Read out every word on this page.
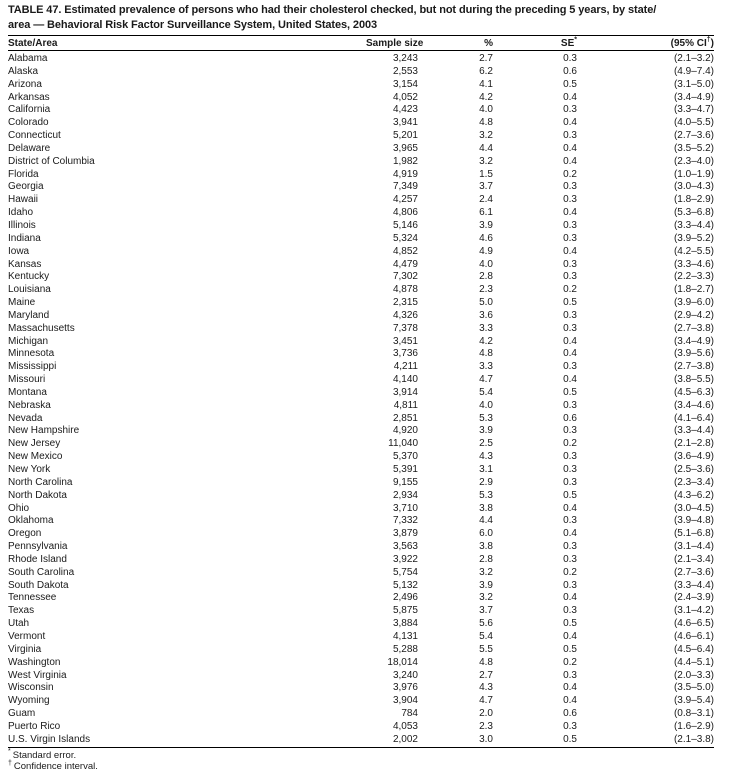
TABLE 47. Estimated prevalence of persons who had their cholesterol checked, but not during the preceding 5 years, by state/
area — Behavioral Risk Factor Surveillance System, United States, 2003
State/Area	Sample size	%	SE*	(95% CI†)
Alabama	3,243	2.7	0.3	(2.1–3.2)
Alaska	2,553	6.2	0.6	(4.9–7.4)
Arizona	3,154	4.1	0.5	(3.1–5.0)
Arkansas	4,052	4.2	0.4	(3.4–4.9)
California	4,423	4.0	0.3	(3.3–4.7)
Colorado	3,941	4.8	0.4	(4.0–5.5)
Connecticut	5,201	3.2	0.3	(2.7–3.6)
Delaware	3,965	4.4	0.4	(3.5–5.2)
District of Columbia	1,982	3.2	0.4	(2.3–4.0)
Florida	4,919	1.5	0.2	(1.0–1.9)
Georgia	7,349	3.7	0.3	(3.0–4.3)
Hawaii	4,257	2.4	0.3	(1.8–2.9)
Idaho	4,806	6.1	0.4	(5.3–6.8)
Illinois	5,146	3.9	0.3	(3.3–4.4)
Indiana	5,324	4.6	0.3	(3.9–5.2)
Iowa	4,852	4.9	0.4	(4.2–5.5)
Kansas	4,479	4.0	0.3	(3.3–4.6)
Kentucky	7,302	2.8	0.3	(2.2–3.3)
Louisiana	4,878	2.3	0.2	(1.8–2.7)
Maine	2,315	5.0	0.5	(3.9–6.0)
Maryland	4,326	3.6	0.3	(2.9–4.2)
Massachusetts	7,378	3.3	0.3	(2.7–3.8)
Michigan	3,451	4.2	0.4	(3.4–4.9)
Minnesota	3,736	4.8	0.4	(3.9–5.6)
Mississippi	4,211	3.3	0.3	(2.7–3.8)
Missouri	4,140	4.7	0.4	(3.8–5.5)
Montana	3,914	5.4	0.5	(4.5–6.3)
Nebraska	4,811	4.0	0.3	(3.4–4.6)
Nevada	2,851	5.3	0.6	(4.1–6.4)
New Hampshire	4,920	3.9	0.3	(3.3–4.4)
New Jersey	11,040	2.5	0.2	(2.1–2.8)
New Mexico	5,370	4.3	0.3	(3.6–4.9)
New York	5,391	3.1	0.3	(2.5–3.6)
North Carolina	9,155	2.9	0.3	(2.3–3.4)
North Dakota	2,934	5.3	0.5	(4.3–6.2)
Ohio	3,710	3.8	0.4	(3.0–4.5)
Oklahoma	7,332	4.4	0.3	(3.9–4.8)
Oregon	3,879	6.0	0.4	(5.1–6.8)
Pennsylvania	3,563	3.8	0.3	(3.1–4.4)
Rhode Island	3,922	2.8	0.3	(2.1–3.4)
South Carolina	5,754	3.2	0.2	(2.7–3.6)
South Dakota	5,132	3.9	0.3	(3.3–4.4)
Tennessee	2,496	3.2	0.4	(2.4–3.9)
Texas	5,875	3.7	0.3	(3.1–4.2)
Utah	3,884	5.6	0.5	(4.6–6.5)
Vermont	4,131	5.4	0.4	(4.6–6.1)
Virginia	5,288	5.5	0.5	(4.5–6.4)
Washington	18,014	4.8	0.2	(4.4–5.1)
West Virginia	3,240	2.7	0.3	(2.0–3.3)
Wisconsin	3,976	4.3	0.4	(3.5–5.0)
Wyoming	3,904	4.7	0.4	(3.9–5.4)
Guam	784	2.0	0.6	(0.8–3.1)
Puerto Rico	4,053	2.3	0.3	(1.6–2.9)
U.S. Virgin Islands	2,002	3.0	0.5	(2.1–3.8)
* Standard error.
† Confidence interval.
